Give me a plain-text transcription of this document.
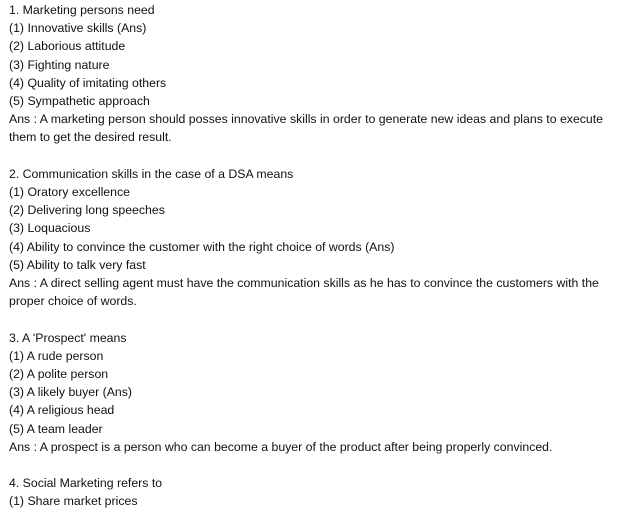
1. Marketing persons need
(1) Innovative skills (Ans)
(2) Laborious attitude
(3) Fighting nature
(4) Quality of imitating others
(5) Sympathetic approach
Ans : A marketing person should posses innovative skills in order to generate new ideas and plans to execute them to get the desired result.
2. Communication skills in the case of a DSA means
(1) Oratory excellence
(2) Delivering long speeches
(3) Loquacious
(4) Ability to convince the customer with the right choice of words (Ans)
(5) Ability to talk very fast
Ans : A direct selling agent must have the communication skills as he has to convince the customers with the proper choice of words.
3. A 'Prospect' means
(1) A rude person
(2) A polite person
(3) A likely buyer (Ans)
(4) A religious head
(5) A team leader
Ans : A prospect is a person who can become a buyer of the product after being properly convinced.
4. Social Marketing refers to
(1) Share market prices
